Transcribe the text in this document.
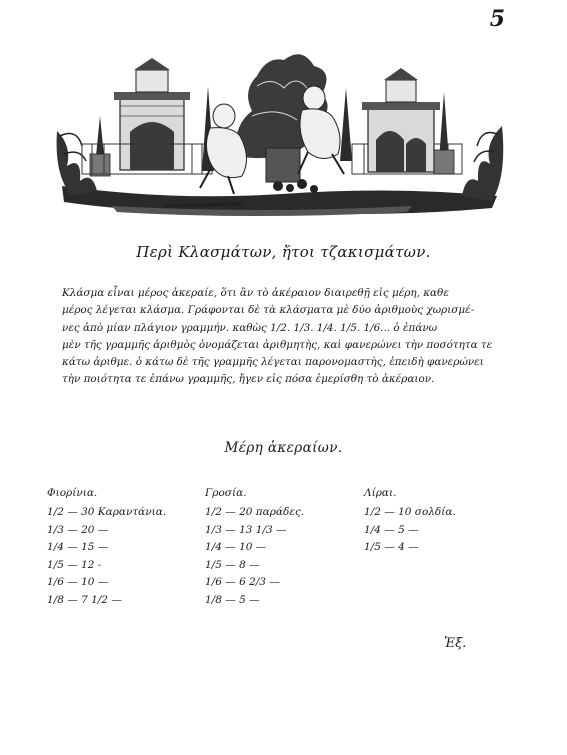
5
Περὶ Κλασμάτων, ἤτοι τζακισμάτων.
Κλάσμα εἶναι μέρος ἀκεραίε, ὅτι ἂν τὸ ἀκέραιον διαιρεθῇ εἰς μέρη, καθε
μέρος λέγεται κλάσμα. Γράφονται δὲ τὰ κλάσματα μὲ δύο ἀριθμοὺς χωρισμέ-
νες ἀπὸ μίαν πλάγιον γραμμήν. καθὼς 1/2. 1/3. 1/4. 1/5. 1/6... ὁ ἐπάνω
μὲν τῆς γραμμῆς ἀριθμὸς ὀνομάζεται ἀριθμητὴς, καὶ φανερώνει τὴν ποσότητα τε
κάτω ἀριθμε. ὁ κάτω δὲ τῆς γραμμῆς λέγεται παρονομαστὴς, ἐπειδὴ φανερώνει
τὴν ποιότητα τε ἐπάνω γραμμῆς, ἤγεν εἰς πόσα ἐμερίσθη τὸ ἀκέραιον.
Μέρη ἀκεραίων.
Φιορίνια.
1/2 — 30 Καραντάνια.
1/3 — 20 —
1/4 — 15 —
1/5 — 12 -
1/6 — 10 —
1/8 — 7 1/2 —
Γροσία.
1/2 — 20 παράδες.
1/3 — 13 1/3 —
1/4 — 10 —
1/5 — 8 —
1/6 — 6 2/3 —
1/8 — 5 —
Λίραι.
1/2 — 10 σολδία.
1/4 — 5 —
1/5 — 4 —
Ἐξ.
